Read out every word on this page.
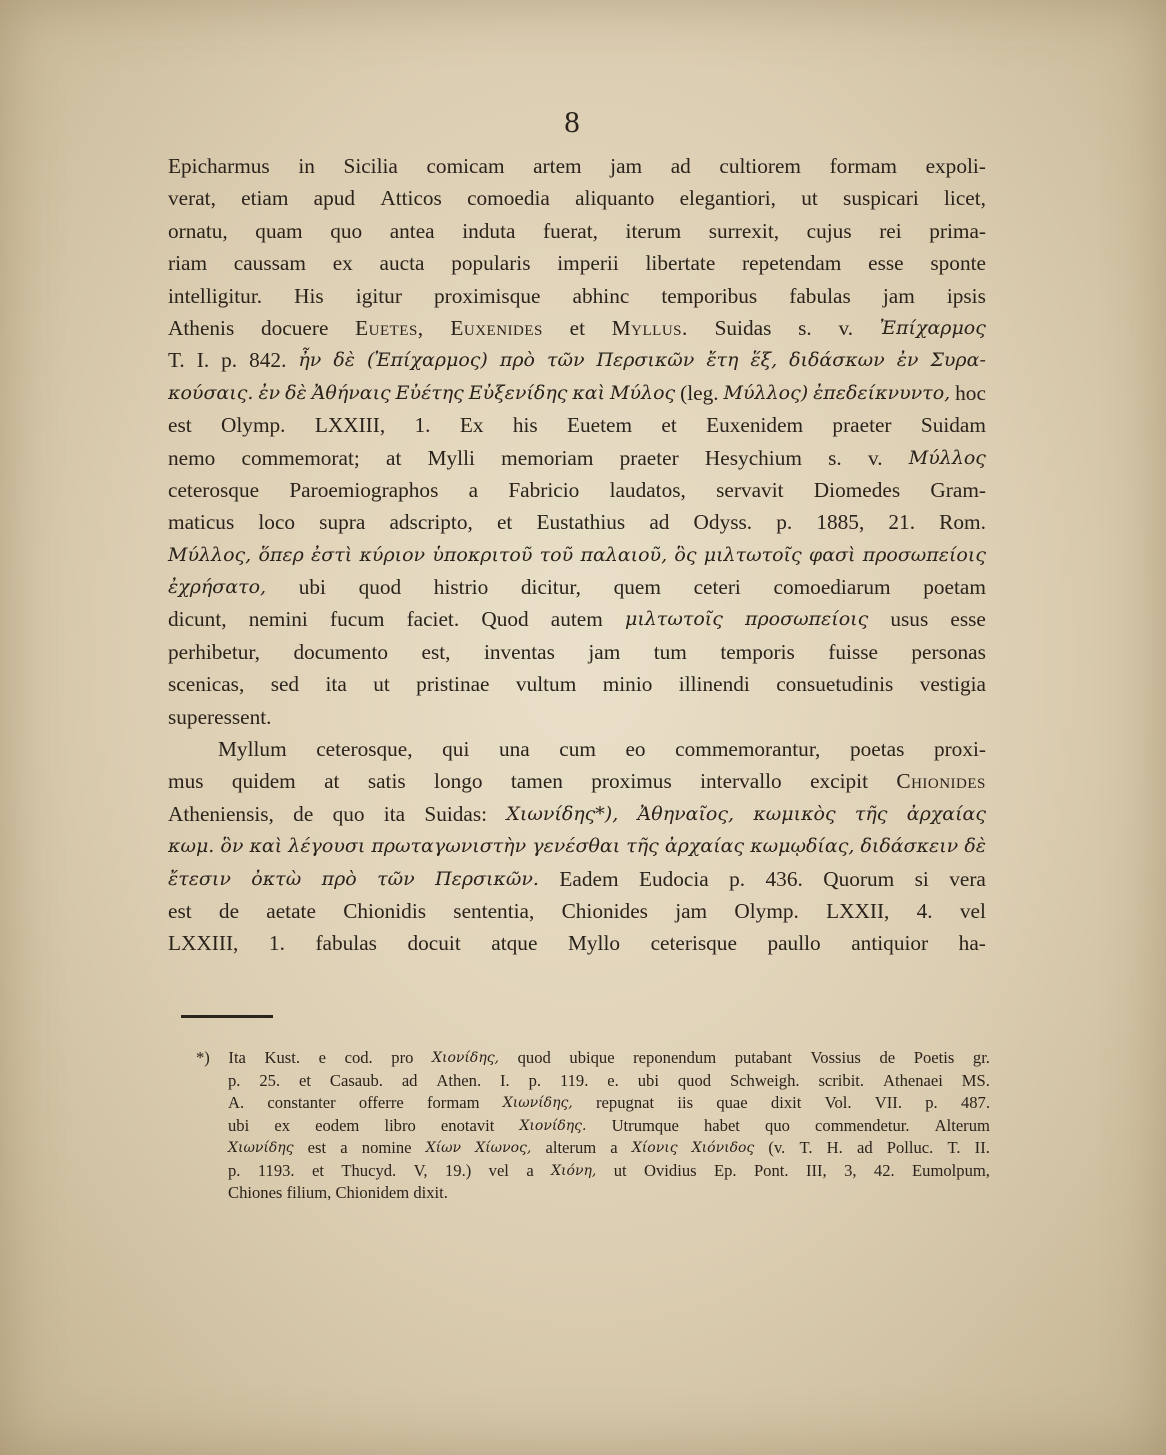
8

Epicharmus in Sicilia comicam artem jam ad cultiorem formam expoli-
verat, etiam apud Atticos comoedia aliquanto elegantiori, ut suspicari licet,
ornatu, quam quo antea induta fuerat, iterum surrexit, cujus rei prima-
riam caussam ex aucta popularis imperii libertate repetendam esse sponte
intelligitur. His igitur proximisque abhinc temporibus fabulas jam ipsis
Athenis docuere Euetes, Euxenides et Myllus. Suidas s. v. Ἐπίχαρμος
T. I. p. 842. ἦν δὲ (Ἐπίχαρμος) πρὸ τῶν Περσικῶν ἔτη ἕξ, διδάσκων ἐν Συρα-
κούσαις. ἐν δὲ Ἀθήναις Εὐέτης Εὐξενίδης καὶ Μύλος (leg. Μύλλος) ἐπεδείκνυντο, hoc
est Olymp. LXXIII, 1. Ex his Euetem et Euxenidem praeter Suidam
nemo commemorat; at Mylli memoriam praeter Hesychium s. v. Μύλλος
ceterosque Paroemiographos a Fabricio laudatos, servavit Diomedes Gram-
maticus loco supra adscripto, et Eustathius ad Odyss. p. 1885, 21. Rom.
Μύλλος, ὅπερ ἐστὶ κύριον ὑποκριτοῦ τοῦ παλαιοῦ, ὃς μιλτωτοῖς φασὶ προσωπείοις
ἐχρήσατο, ubi quod histrio dicitur, quem ceteri comoediarum poetam
dicunt, nemini fucum faciet. Quod autem μιλτωτοῖς προσωπείοις usus esse
perhibetur, documento est, inventas jam tum temporis fuisse personas
scenicas, sed ita ut pristinae vultum minio illinendi consuetudinis vestigia
superessent.

Myllum ceterosque, qui una cum eo commemorantur, poetas proxi-
mus quidem at satis longo tamen proximus intervallo excipit Chionides
Atheniensis, de quo ita Suidas: Χιωνίδης*), Ἀθηναῖος, κωμικὸς τῆς ἀρχαίας
κωμ. ὃν καὶ λέγουσι πρωταγωνιστὴν γενέσθαι τῆς ἀρχαίας κωμῳδίας, διδάσκειν δὲ
ἔτεσιν ὀκτὼ πρὸ τῶν Περσικῶν. Eadem Eudocia p. 436. Quorum si vera
est de aetate Chionidis sententia, Chionides jam Olymp. LXXII, 4. vel
LXXIII, 1. fabulas docuit atque Myllo ceterisque paullo antiquior ha-
*) Ita Kust. e cod. pro Χιονίδης, quod ubique reponendum putabant Vossius de Poetis gr.
p. 25. et Casaub. ad Athen. I. p. 119. e. ubi quod Schweigh. scribit. Athenaei MS.
A. constanter offerre formam Χιωνίδης, repugnat iis quae dixit Vol. VII. p. 487.
ubi ex eodem libro enotavit Χιονίδης. Utrumque habet quo commendetur. Alterum
Χιωνίδης est a nomine Χίων Χίωνος, alterum a Χίονις Χιόνιδος (v. T. H. ad Polluc. T. II.
p. 1193. et Thucyd. V, 19.) vel a Χιόνη, ut Ovidius Ep. Pont. III, 3, 42. Eumolpum,
Chiones
filium,
Chionidem
dixit.
